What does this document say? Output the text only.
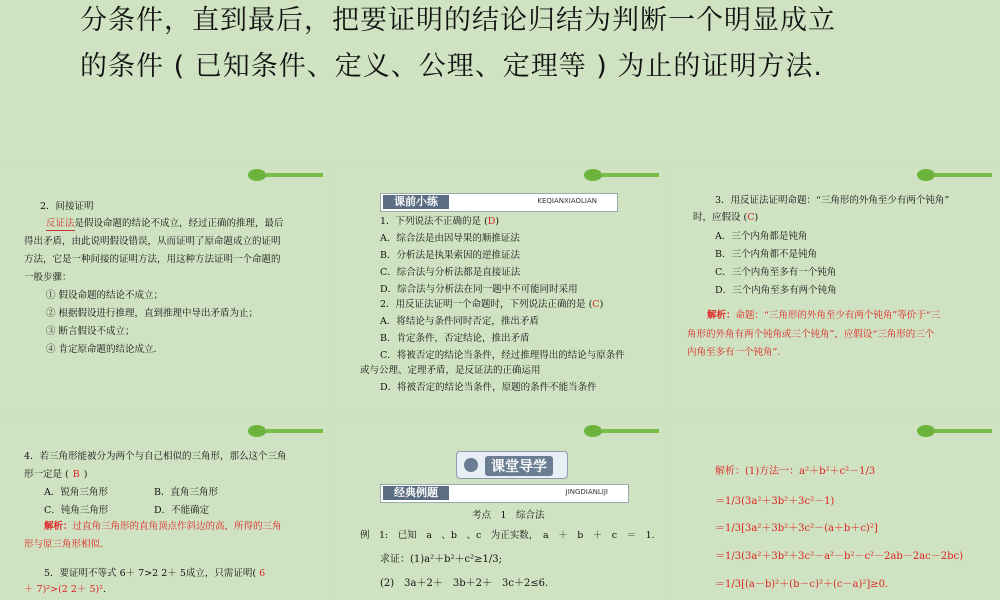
分条件，直到最后，把要证明的结论归结为判断一个明显成立
的条件 ( 已知条件、定义、公理、定理等 ) 为止的证明方法.
2．间接证明
反证法是假设命题的结论不成立，经过正确的推理，最后
得出矛盾，由此说明假设错误，从而证明了原命题成立的证明
方法，它是一种间接的证明方法，用这种方法证明一个命题的
一般步骤：
① 假设命题的结论不成立；
② 根据假设进行推理，直到推理中导出矛盾为止；
③ 断言假设不成立；
④ 肯定原命题的结论成立.
课前小练	KEQIANXIAOLIAN
1．下列说法不正确的是 (D)
A．综合法是由因导果的顺推证法
B．分析法是执果索因的逆推证法
C．综合法与分析法都是直接证法
D．综合法与分析法在同一题中不可能同时采用
2．用反证法证明一个命题时，下列说法正确的是 (C)
A．将结论与条件同时否定，推出矛盾
B．肯定条件，否定结论，推出矛盾
C．将被否定的结论当条件，经过推理得出的结论与原条件
或与公理、定理矛盾，是反证法的正确运用
D．将被否定的结论当条件，原题的条件不能当条件
3．用反证法证明命题：“三角形的外角至少有两个钝角”
时，应假设 (C)
A．三个内角都是钝角
B．三个内角都不是钝角
C．三个内角至多有一个钝角
D．三个内角至多有两个钝角
解析：命题：“三角形的外角至少有两个钝角”等价于“三
角形的外角有两个钝角或三个钝角”，应假设“三角形的三个
内角至多有一个钝角”.
4．若三角形能被分为两个与自己相似的三角形，那么这个三角
形一定是 ( B )
A．锐角三角形	B．直角三角形
C．钝角三角形	D．不能确定
解析：过直角三角形的直角顶点作斜边的高，所得的三角
形与原三角形相似.
5．要证明不等式 6＋ 7>2 2＋ 5成立，只需证明( 6
＋ 7)²>(2 2＋ 5)².
课堂导学
经典例题	JINGDIANLIJI
考点　1　综合法
例　1:　已知　a　、b　、c　为正实数，　a　＋　b　＋　c　＝　1.
求证：(1)a²＋b²＋c²≥1/3;
(2)　3a＋2＋　3b＋2＋　3c＋2≤6.
解析：(1)方法一：a²＋b²＋c²－1/3
＝1/3(3a²＋3b²＋3c²－1)
＝1/3[3a²＋3b²＋3c²－(a＋b＋c)²]
＝1/3(3a²＋3b²＋3c²－a²－b²－c²－2ab－2ac－2bc)
＝1/3[(a－b)²＋(b－c)²＋(c－a)²]≥0.
